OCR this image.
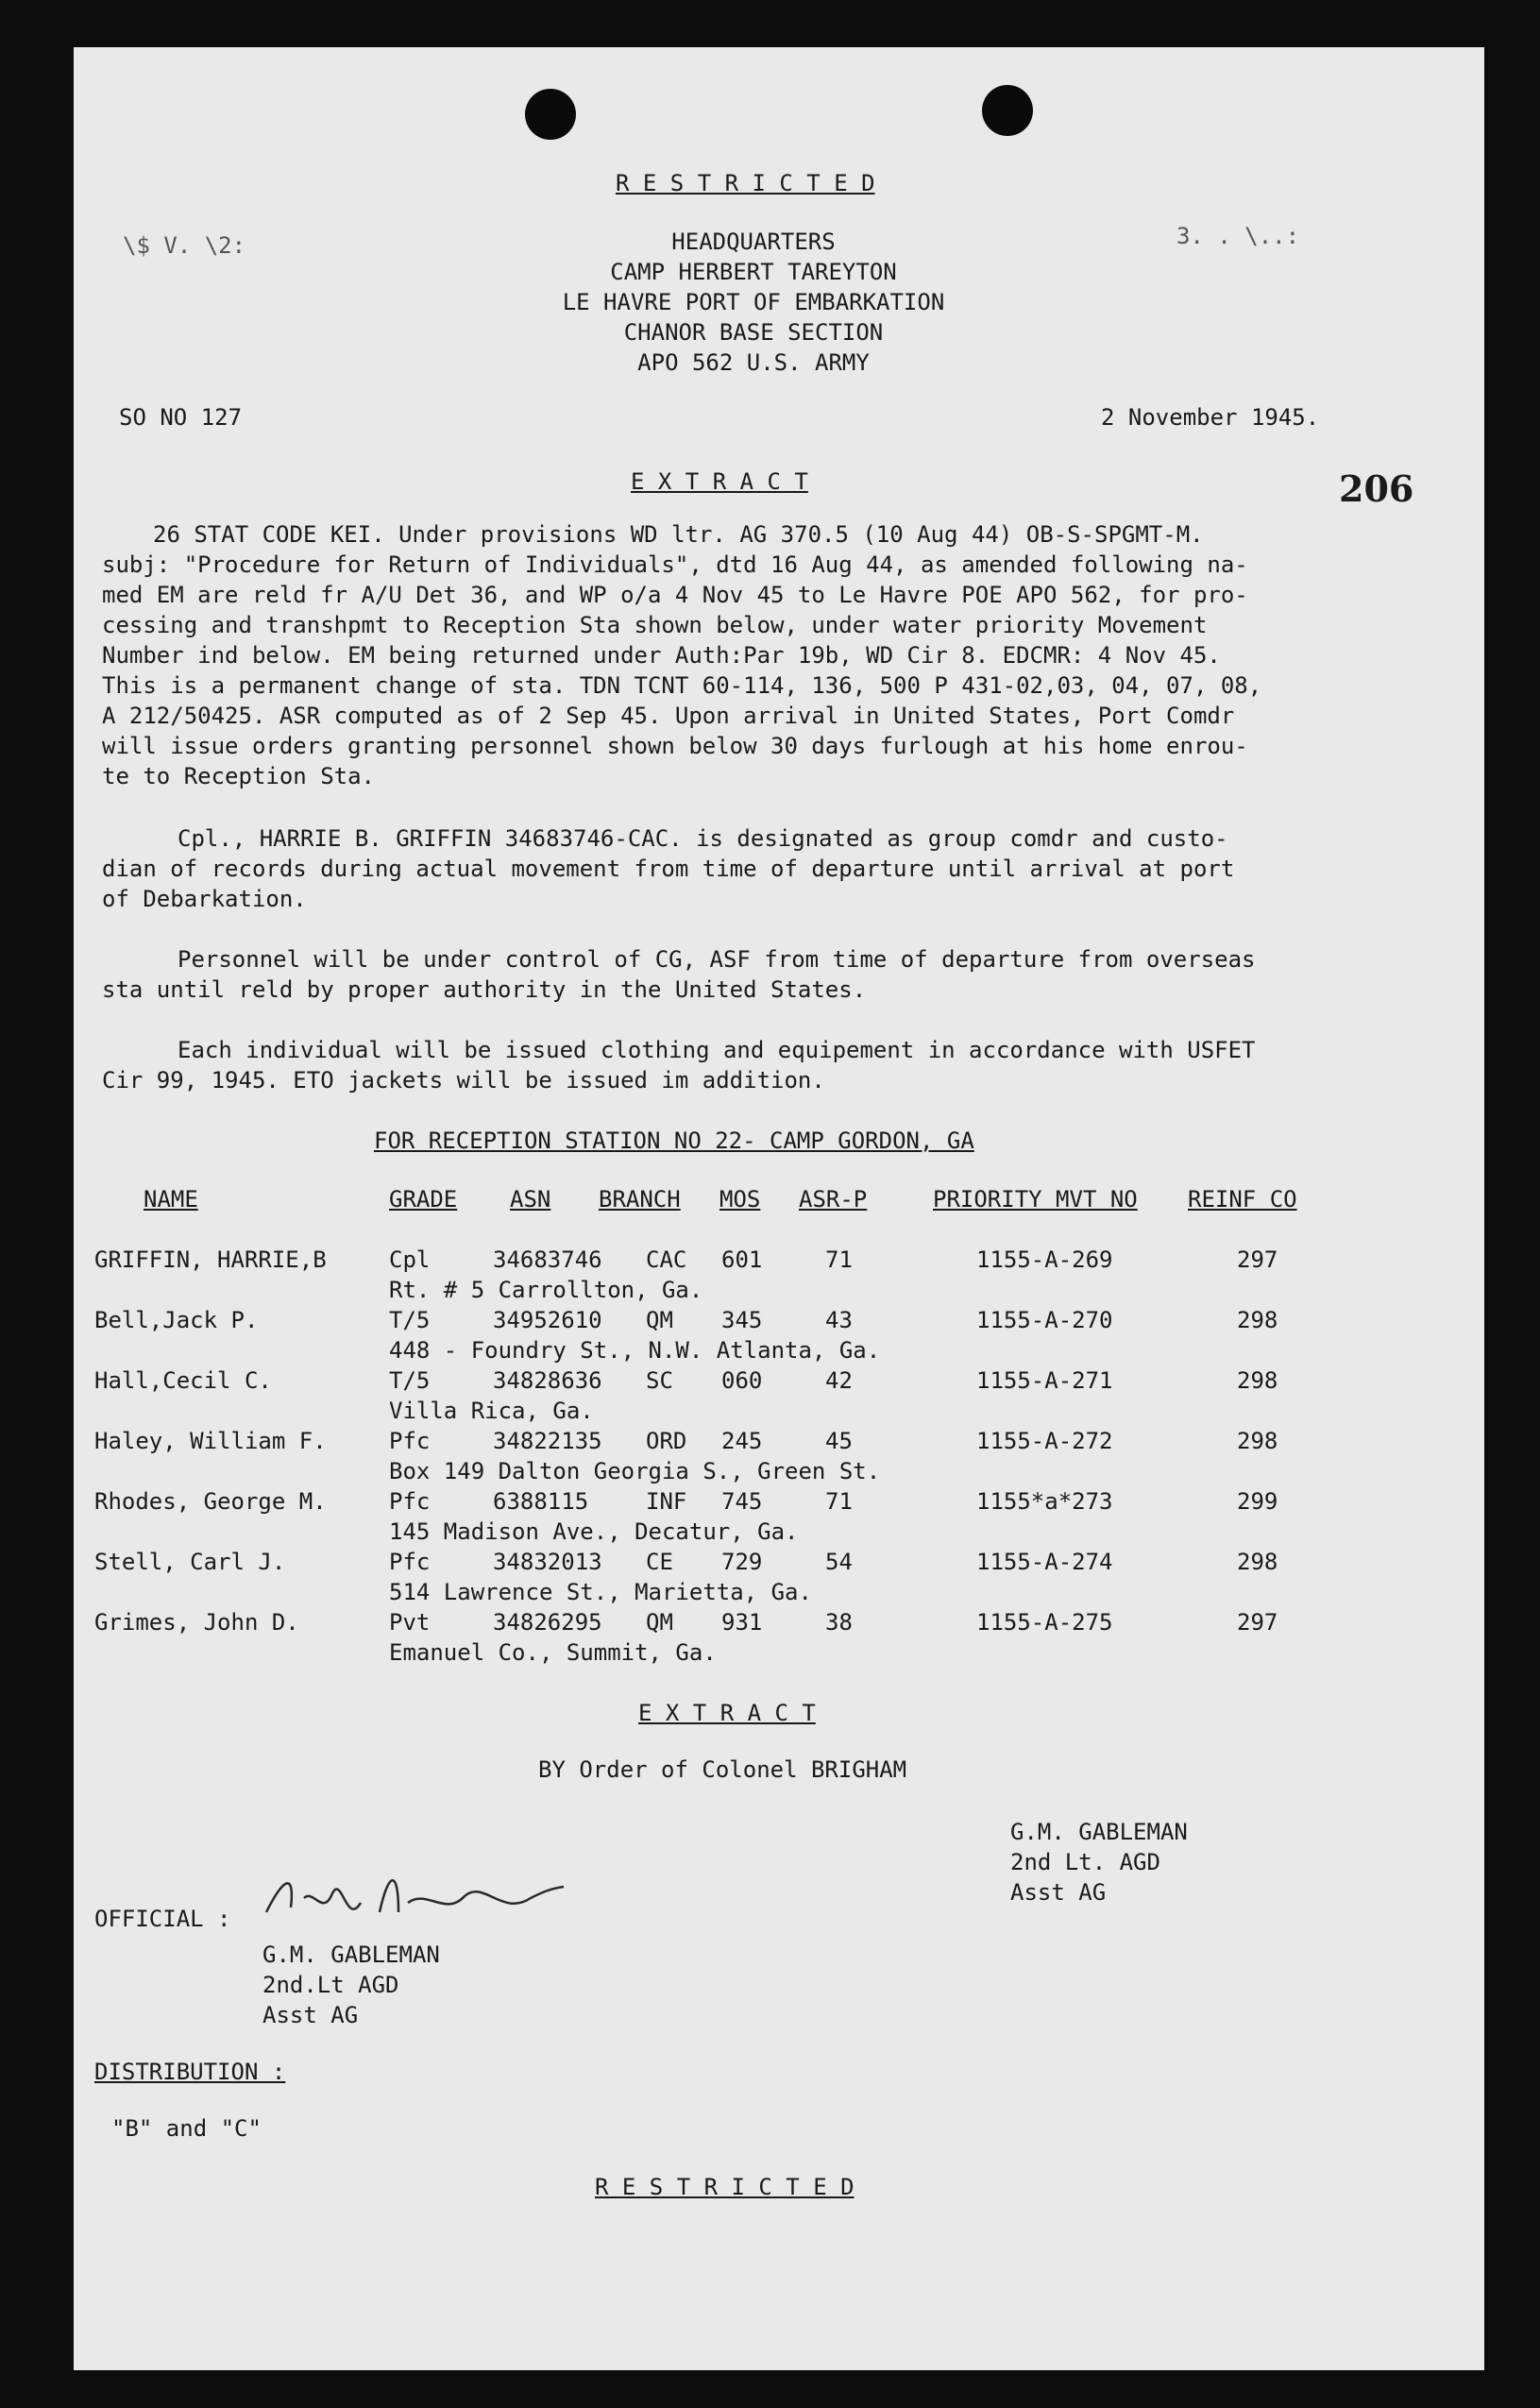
R E S T R I C T E D
\$ V. \2:	3. . \..:
HEADQUARTERS
CAMP HERBERT TAREYTON
LE HAVRE PORT OF EMBARKATION
CHANOR BASE SECTION
APO 562 U.S. ARMY
SO NO 127	2 November 1945.
E X T R A C T	206
26 STAT CODE KEI. Under provisions WD ltr. AG 370.5 (10 Aug 44) OB-S-SPGMT-M.
subj: "Procedure for Return of Individuals", dtd 16 Aug 44, as amended following na-
med EM are reld fr A/U Det 36, and WP o/a 4 Nov 45 to Le Havre POE APO 562, for pro-
cessing and transhpmt to Reception Sta shown below, under water priority Movement
Number ind below. EM being returned under Auth:Par 19b, WD Cir 8. EDCMR: 4 Nov 45.
This is a permanent change of sta. TDN TCNT 60-114, 136, 500 P 431-02,03, 04, 07, 08,
A 212/50425. ASR computed as of 2 Sep 45. Upon arrival in United States, Port Comdr
will issue orders granting personnel shown below 30 days furlough at his home enrou-
te to Reception Sta.
Cpl., HARRIE B. GRIFFIN 34683746-CAC. is designated as group comdr and custo-
dian of records during actual movement from time of departure until arrival at port
of Debarkation.
Personnel will be under control of CG, ASF from time of departure from overseas
sta until reld by proper authority in the United States.
Each individual will be issued clothing and equipement in accordance with USFET
Cir 99, 1945. ETO jackets will be issued im addition.
FOR RECEPTION STATION NO 22- CAMP GORDON, GA
NAME	GRADE ASN BRANCH MOS ASR-P	PRIORITY MVT NO REINF CO
GRIFFIN, HARRIE,B	Cpl	34683746 CAC 601	71	1155-A-269	297
Rt. # 5 Carrollton, Ga.
Bell,Jack P.	T/5	34952610 QM 345	43	1155-A-270	298
448 - Foundry St., N.W. Atlanta, Ga.
Hall,Cecil C.	T/5	34828636 SC 060	42	1155-A-271	298
Villa Rica, Ga.
Haley, William F.	Pfc	34822135 ORD 245	45	1155-A-272	298
Box 149 Dalton Georgia S., Green St.
Rhodes, George M.	Pfc	6388115	INF 745	71	1155*a*273	299
145 Madison Ave., Decatur, Ga.
Stell, Carl J.	Pfc	34832013 CE 729	54	1155-A-274	298
514 Lawrence St., Marietta, Ga.
Grimes, John D.	Pvt	34826295 QM 931	38	1155-A-275	297
Emanuel Co., Summit, Ga.
E X T R A C T
BY Order of Colonel BRIGHAM
G.M. GABLEMAN
2nd Lt. AGD
Asst AG
OFFICIAL :
G.M. GABLEMAN
2nd.Lt AGD
Asst AG
DISTRIBUTION :
"B" and "C"
R E S T R I C T E D
